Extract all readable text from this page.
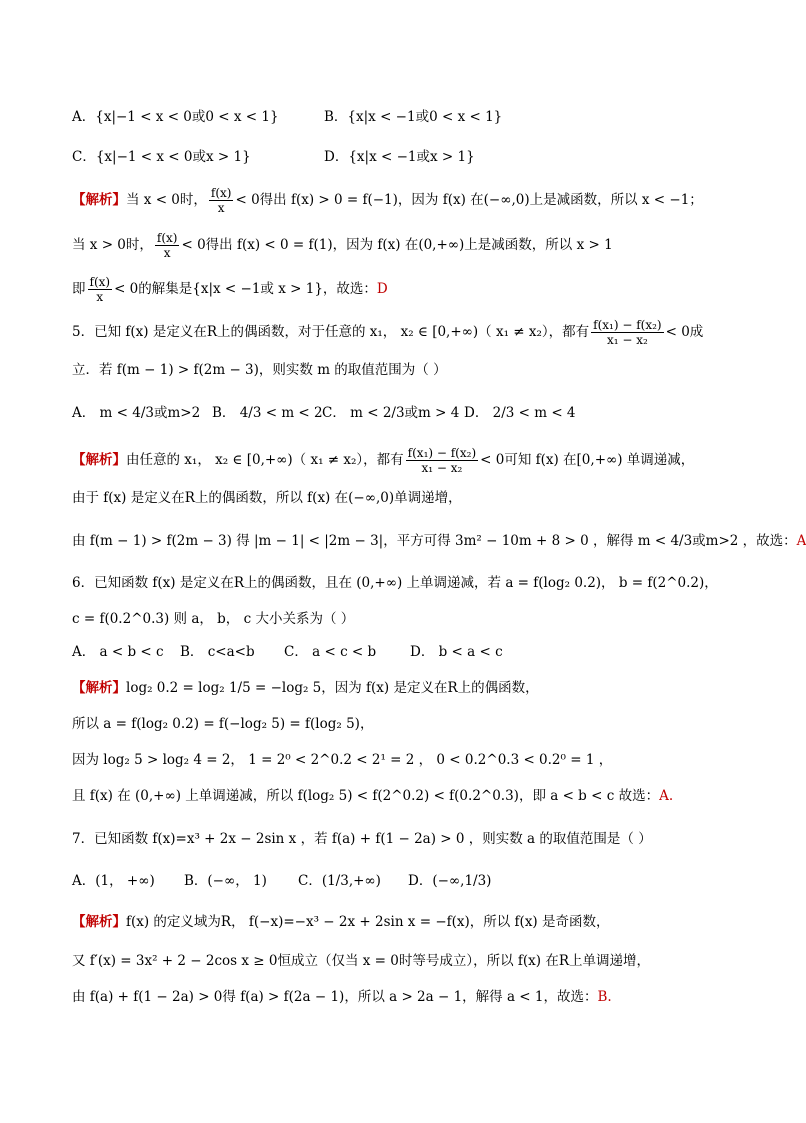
A．{x|−1 < x < 0或0 < x < 1}	B．{x|x < −1或0 < x < 1}
C．{x|−1 < x < 0或x > 1}	D．{x|x < −1或x > 1}
【解析】当 x < 0时， $\frac{f(x)}{x} < 0$得出 f(x) > 0 = f(−1)，因为 f(x) 在(−∞,0)上是减函数，所以 x < −1；
当 x > 0时， $\frac{f(x)}{x} < 0$得出 f(x) < 0 = f(1)，因为 f(x) 在(0,+∞)上是减函数，所以 x > 1
即 $\frac{f(x)}{x} < 0$的解集是{x|x < −1或 x > 1}，故选：D
5．已知 f(x) 是定义在R上的偶函数，对于任意的 x₁， x₂ ∈ [0,+∞)（ x₁ ≠ x₂），都有 $\frac{\text{f(x₁) − f(x₂)}}{\text{x₁ − x₂}} < 0$成
立．若 f(m − 1) > f(2m − 3)，则实数 m 的取值范围为（ ）
A． m < 4/3或m>2 B． 4/3 < m < 2 C． m < 2/3或m > 4 D． 2/3 < m < 4
【解析】由任意的 x₁， x₂ ∈ [0,+∞)（ x₁ ≠ x₂），都有 $\frac{\text{f(x₁) − f(x₂)}}{\text{x₁ − x₂}} < 0$可知 f(x) 在[0,+∞) 单调递减，
由于 f(x) 是定义在R上的偶函数，所以 f(x) 在(−∞,0)单调递增，
由 f(m − 1) > f(2m − 3) 得 |m − 1| < |2m − 3|，平方可得 3m² − 10m + 8 > 0 ，解得 m < 4/3或m>2 ，故选：A
6．已知函数 f(x) 是定义在R上的偶函数，且在 (0,+∞) 上单调递减，若 a = f(log₂ 0.2)， b = f(2^0.2)，
c = f(0.2^0.3) 则 a， b， c 大小关系为（ ）
A． a < b < c B． c<a<b C． a < c < b	D． b < a < c
【解析】log₂ 0.2 = log₂ 1/5 = −log₂ 5，因为 f(x) 是定义在R上的偶函数，
所以 a = f(log₂ 0.2) = f(−log₂ 5) = f(log₂ 5)，
因为 log₂ 5 > log₂ 4 = 2， 1 = 2⁰ < 2^0.2 < 2¹ = 2 ， 0 < 0.2^0.3 < 0.2⁰ = 1 ，
且 f(x) 在 (0,+∞) 上单调递减，所以 f(log₂ 5) < f(2^0.2) < f(0.2^0.3)，即 a < b < c 故选：A.
7．已知函数 f(x)=x³ + 2x − 2sin x ，若 f(a) + f(1 − 2a) > 0 ，则实数 a 的取值范围是（ ）
A．(1， +∞) B．(−∞， 1) C．(1/3,+∞) D．(−∞,1/3)
【解析】f(x) 的定义域为R， f(−x)=−x³ − 2x + 2sin x = −f(x)，所以 f(x) 是奇函数，
又 f′(x) = 3x² + 2 − 2cos x ≥ 0恒成立（仅当 x = 0时等号成立），所以 f(x) 在R上单调递增，
由 f(a) + f(1 − 2a) > 0得 f(a) > f(2a − 1)，所以 a > 2a − 1，解得 a < 1，故选：B.
